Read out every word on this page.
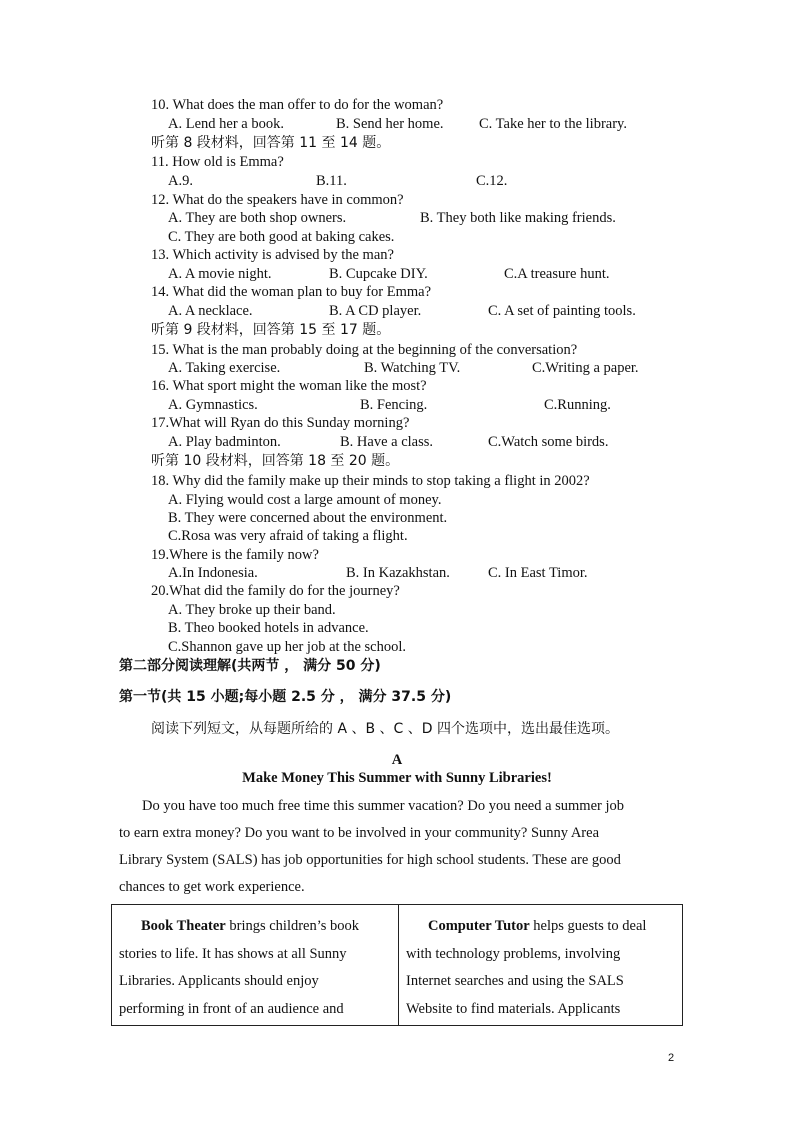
10. What does the man offer to do for the woman?
A. Lend her a book.	B. Send her home. C. Take her to the library.
听第 8 段材料，回答第 11 至 14 题。
11. How old is Emma?
A.9.	B.11.	C.12.
12. What do the speakers have in common?
A. They are both shop owners.	B. They both like making friends.
C. They are both good at baking cakes.
13. Which activity is advised by the man?
A. A movie night.	B. Cupcake DIY.	C.A treasure hunt.
14. What did the woman plan to buy for Emma?
A. A necklace.	B. A CD player.	C. A set of painting tools.
听第 9 段材料，回答第 15 至 17 题。
15. What is the man probably doing at the beginning of the conversation?
A. Taking exercise.	B. Watching TV.	C.Writing a paper.
16. What sport might the woman like the most?
A. Gymnastics.	B. Fencing.	C.Running.
17.What will Ryan do this Sunday morning?
A. Play badminton.	B. Have a class.	C.Watch some birds.
听第 10 段材料，回答第 18 至 20 题。
18. Why did the family make up their minds to stop taking a flight in 2002?
A. Flying would cost a large amount of money.
B. They were concerned about the environment.
C.Rosa was very afraid of taking a flight.
19.Where is the family now?
A.In Indonesia.	B. In Kazakhstan.	C. In East Timor.
20.What did the family do for the journey?
A. They broke up their band.
B. Theo booked hotels in advance.
C.Shannon gave up her job at the school.
第二部分阅读理解(共两节 ， 满分 50 分)
第一节(共 15 小题;每小题 2.5 分 ， 满分 37.5 分)
阅读下列短文，从每题所给的 A 、B 、C 、D 四个选项中，选出最佳选项。
A
Make Money This Summer with Sunny Libraries!
Do you have too much free time this summer vacation? Do you need a summer job
to earn extra money? Do you want to be involved in your community? Sunny Area
Library System (SALS) has job opportunities for high school students. These are good
chances to get work experience.
Book Theater brings children’s book
stories to life. It has shows at all Sunny
Libraries. Applicants should enjoy
performing in front of an audience and
Computer Tutor helps guests to deal
with technology problems, involving
Internet searches and using the SALS
Website to find materials. Applicants
2
